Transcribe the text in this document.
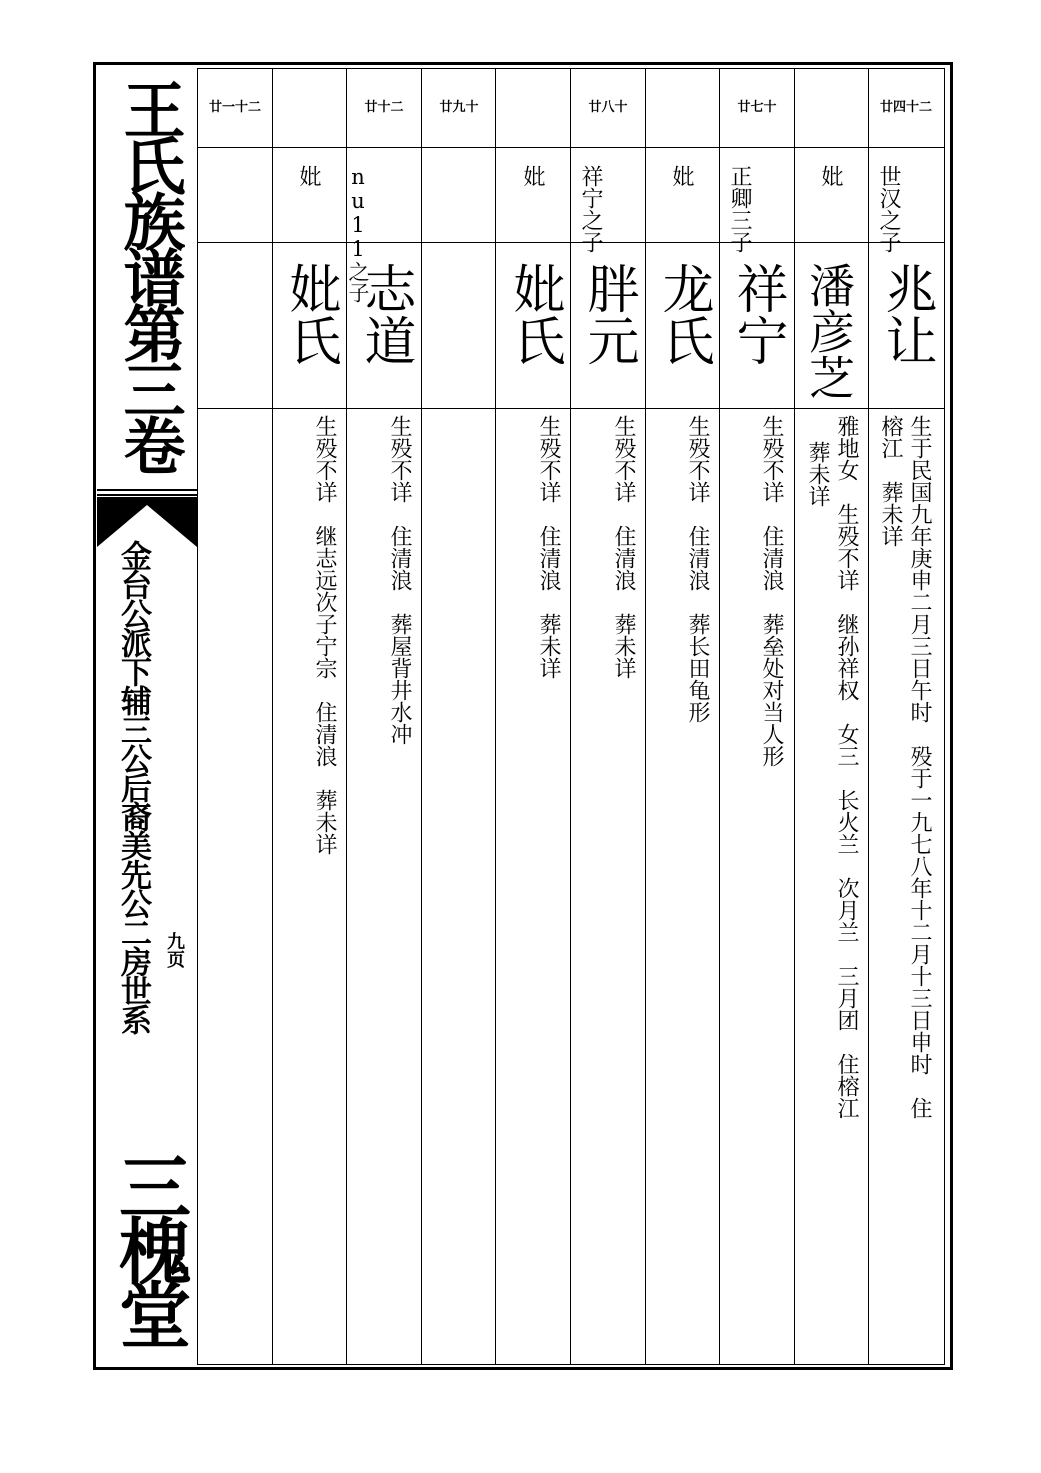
王氏族谱第三卷
金台公派下辅三公后裔美先公二房世系 九页
三槐堂
廿四十二
世汉之子
兆让
生于民国九年庚申二月三日午时　殁于一九七八年十二月十三日申时　住
榕江　葬未详
妣
潘彦芝
雅地女　生殁不详　继孙祥权　女三　长火兰　次月兰　三月团　住榕江
葬未详
廿七十
正卿三子
祥宁
生殁不详　住清浪　葬垒处对当人形
妣
龙氏
生殁不详　住清浪　葬长田龟形
廿八十
祥宁之子
胖元
生殁不详　住清浪　葬未详
妣
妣氏
生殁不详　住清浪　葬未详
廿九十
廿十二
nu11之子
志道
生殁不详　住清浪　葬屋背井水冲
妣
妣氏
生殁不详　继志远次子宁宗　住清浪　葬未详
廿一十二
